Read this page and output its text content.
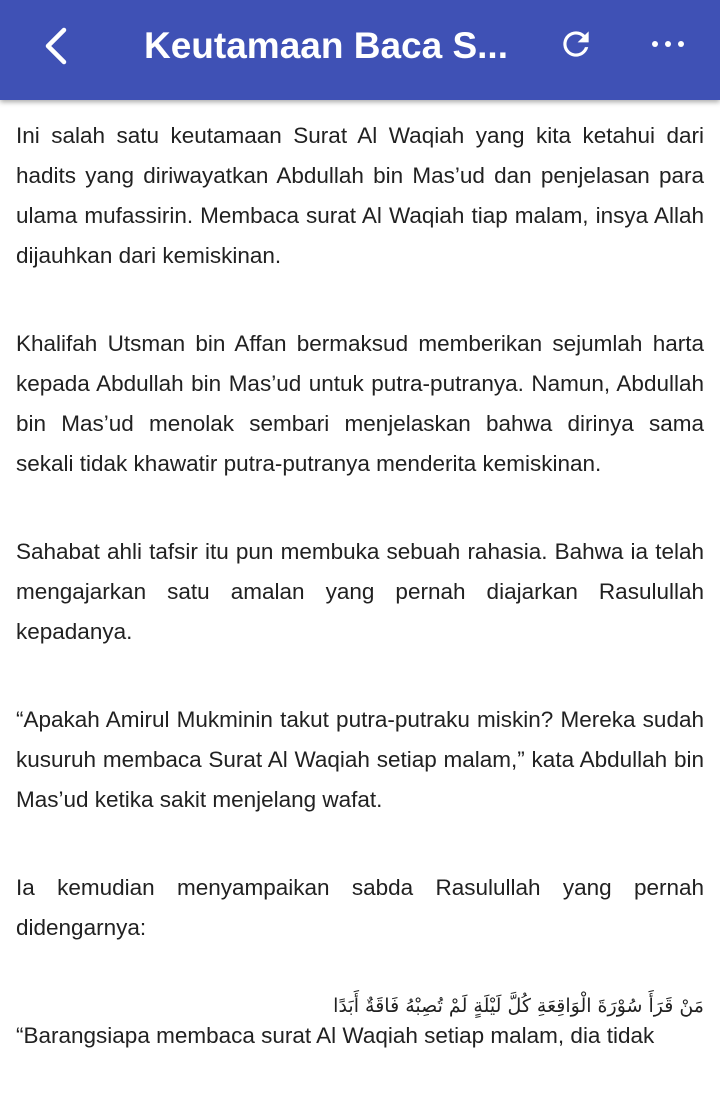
Keutamaan Baca S...

Ini salah satu keutamaan Surat Al Waqiah yang kita ketahui dari hadits yang diriwayatkan Abdullah bin Mas’ud dan penjelasan para ulama mufassirin. Membaca surat Al Waqiah tiap malam, insya Allah dijauhkan dari kemiskinan.

Khalifah Utsman bin Affan bermaksud memberikan sejumlah harta kepada Abdullah bin Mas’ud untuk putra-putranya. Namun, Abdullah bin Mas’ud menolak sembari menjelaskan bahwa dirinya sama sekali tidak khawatir putra-putranya menderita kemiskinan.

Sahabat ahli tafsir itu pun membuka sebuah rahasia. Bahwa ia telah mengajarkan satu amalan yang pernah diajarkan Rasulullah kepadanya.

“Apakah Amirul Mukminin takut putra-putraku miskin? Mereka sudah kusuruh membaca Surat Al Waqiah setiap malam,” kata Abdullah bin Mas’ud ketika sakit menjelang wafat.

Ia kemudian menyampaikan sabda Rasulullah yang pernah didengarnya:

مَنْ قَرَأَ سُوْرَةَ الْوَاقِعَةِ كُلَّ لَيْلَةٍ لَمْ تُصِبْهُ فَاقَةٌ أَبَدًا

“Barangsiapa membaca surat Al Waqiah setiap malam, dia tidak
